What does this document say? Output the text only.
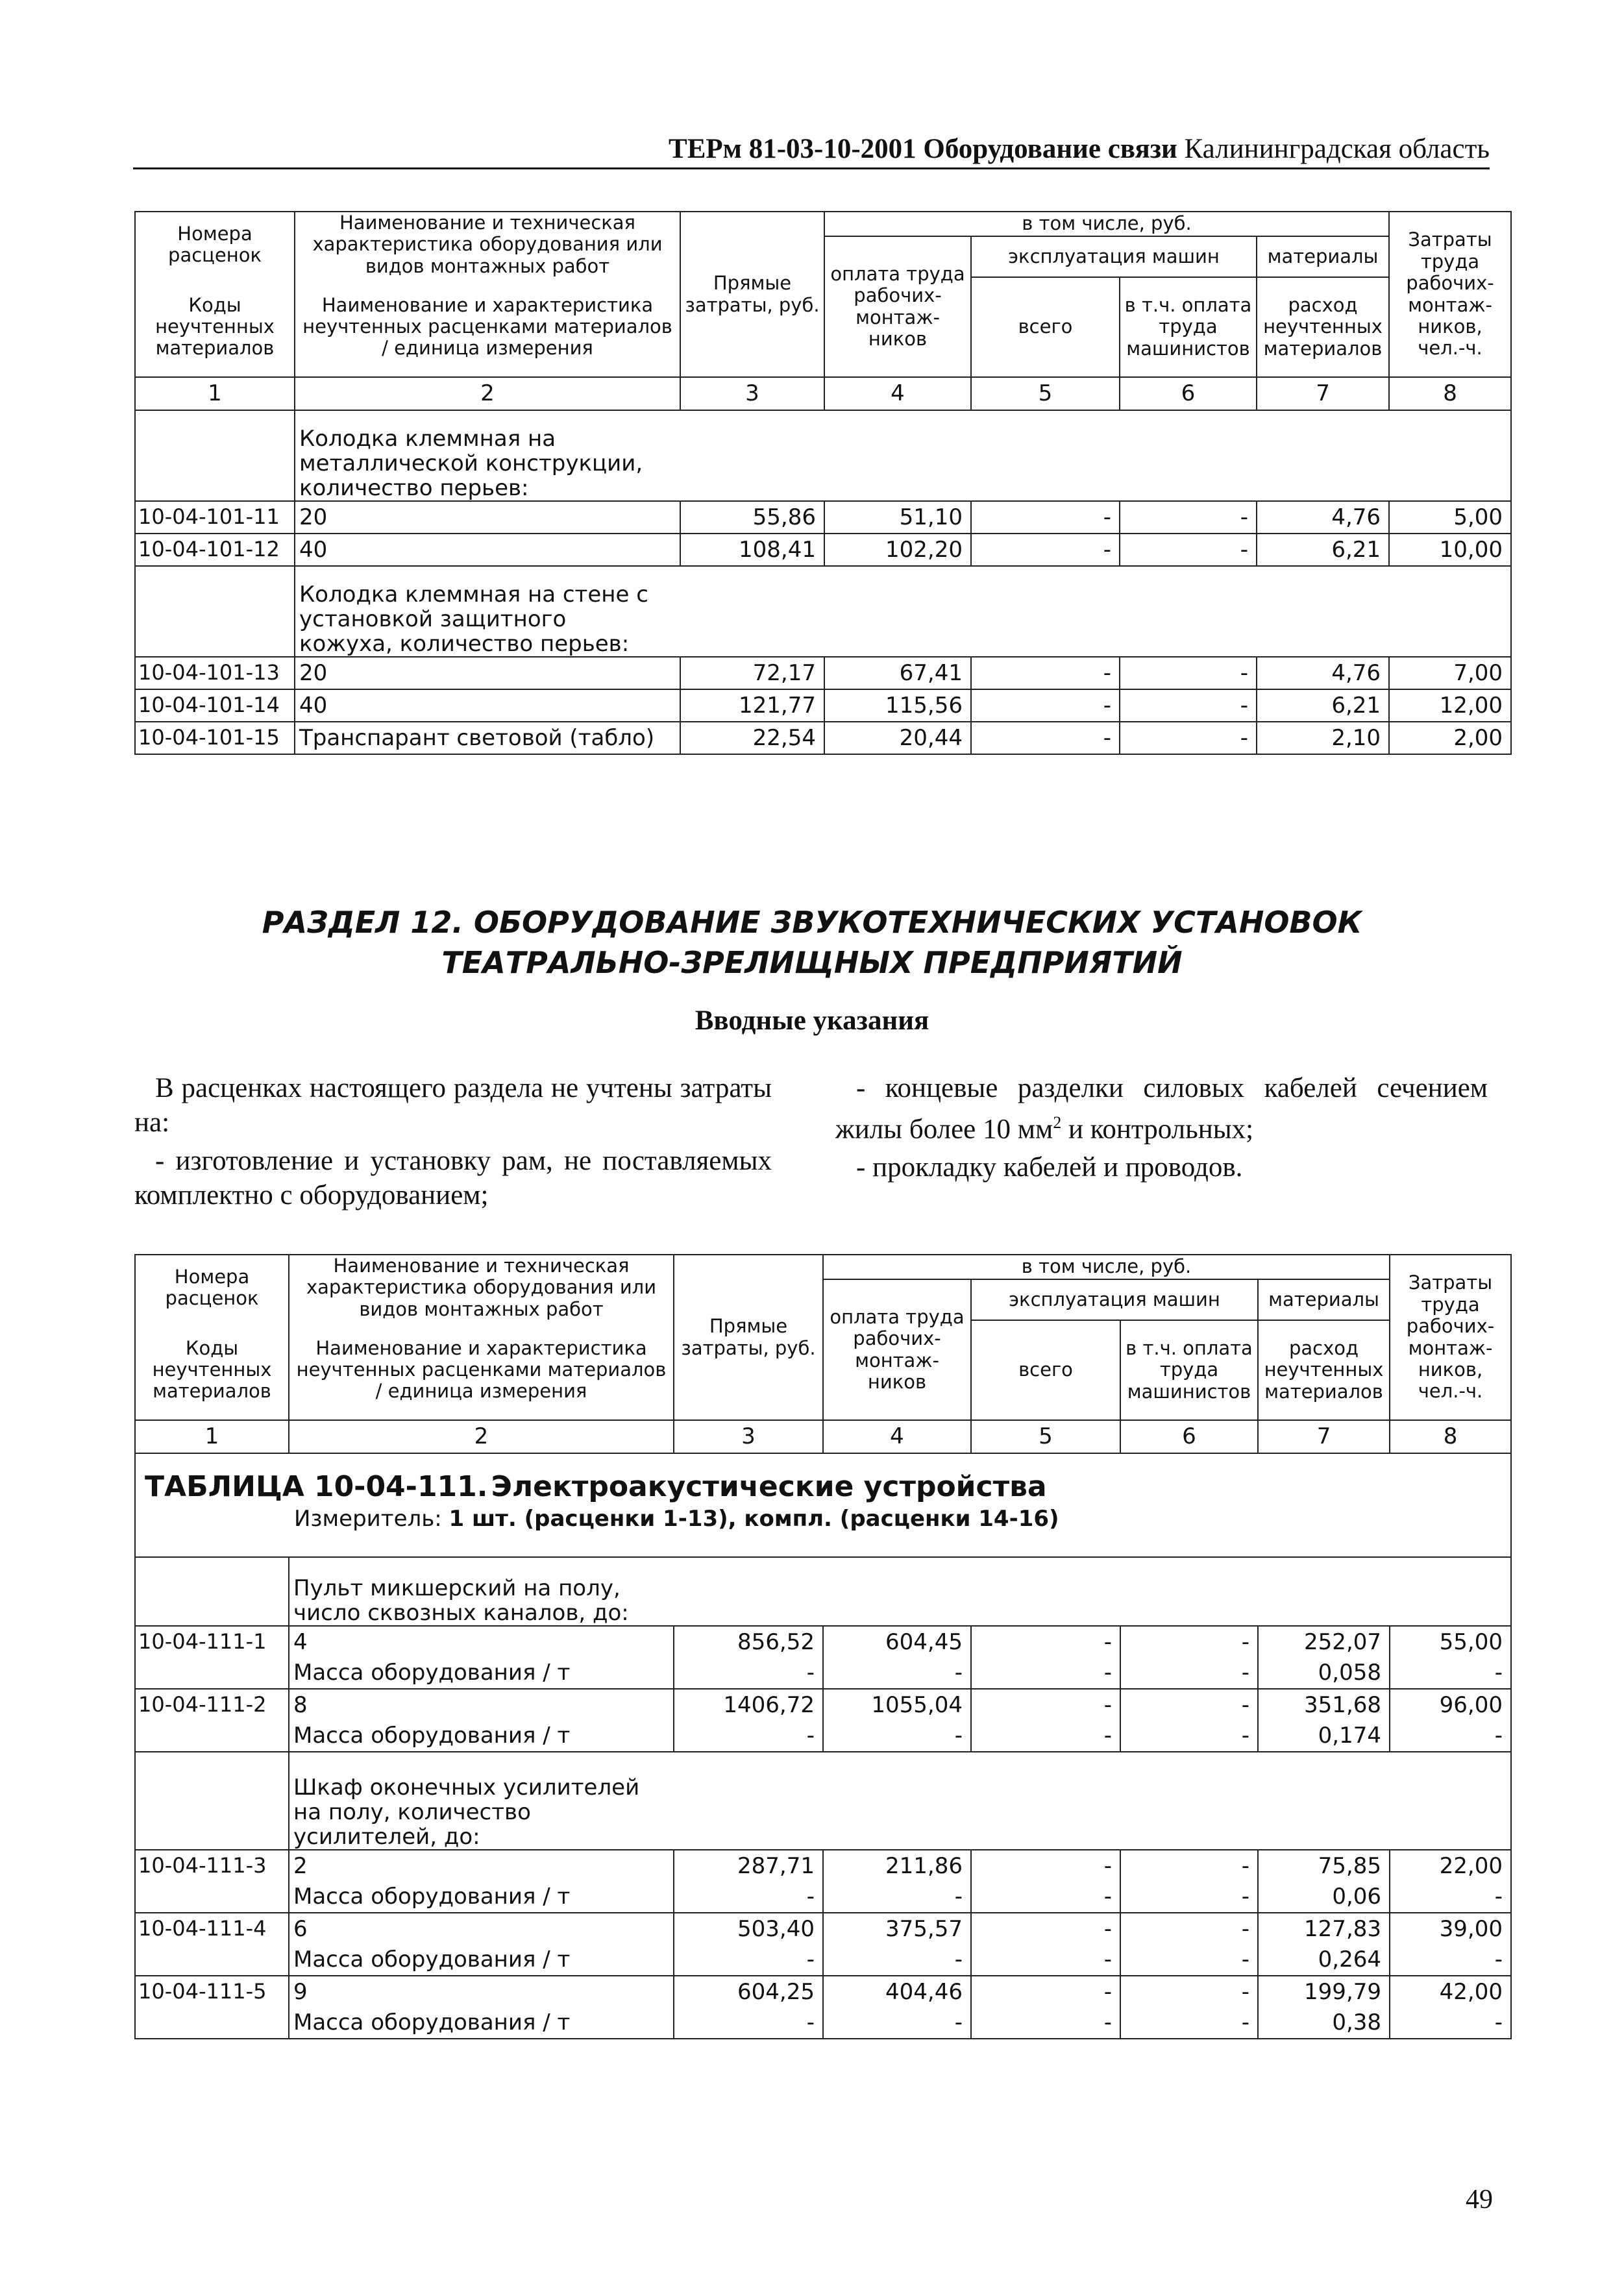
ТЕРм 81-03-10-2001 Оборудование связи Калининградская область
Номера расценок	Наименование и техническая характеристика оборудования или видов монтажных работ	Прямые затраты, руб.	в том числе, руб.				Затраты труда рабочих-монтаж-ников, чел.-ч.
			оплата труда рабочих-монтаж-ников	эксплуатация машин		материалы	
Коды неучтенных материалов	Наименование и характеристика неучтенных расценками материалов / единица измерения			всего	в т.ч. оплата труда машинистов	расход неучтенных материалов	

1	2	3	4	5	6	7	8

	Колодка клеммная на металлической конструкции, количество перьев:						

10-04-101-11	20	55,86	51,10	-	-	4,76	5,00
10-04-101-12	40	108,41	102,20	-	-	6,21	10,00

	Колодка клеммная на стене с установкой защитного кожуха, количество перьев:						

10-04-101-13	20	72,17	67,41	-	-	4,76	7,00
10-04-101-14	40	121,77	115,56	-	-	6,21	12,00
10-04-101-15	Транспарант световой (табло)	22,54	20,44	-	-	2,10	2,00
РАЗДЕЛ 12. ОБОРУДОВАНИЕ ЗВУКОТЕХНИЧЕСКИХ УСТАНОВОК
ТЕАТРАЛЬНО-ЗРЕЛИЩНЫХ ПРЕДПРИЯТИЙ
Вводные указания

В расценках настоящего раздела не учтены затраты на:

- изготовление и установку рам, не поставляемых комплектно с оборудованием;

- концевые разделки силовых кабелей сечением жилы более 10 $мм^2$ и контрольных;

- прокладку кабелей и проводов.

Номера расценок	Наименование и техническая характеристика оборудования или видов монтажных работ	Прямые затраты, руб.	в том числе, руб.				Затраты труда рабочих-монтаж-ников, чел.-ч.
			оплата труда рабочих-монтаж-ников	эксплуатация машин		материалы	
Коды неучтенных материалов	Наименование и характеристика неучтенных расценками материалов / единица измерения			всего	в т.ч. оплата труда машинистов	расход неучтенных материалов	

1	2	3	4	5	6	7	8

ТАБЛИЦА 10-04-111. Электроакустические устройства
Измеритель: 1 шт. (расценки 1-13), компл. (расценки 14-16)							

	Пульт микшерский на полу, число сквозных каналов, до:						

10-04-111-1	4	856,52	604,45	-	-	252,07	55,00
	Масса оборудования / т	-	-	-	-	0,058	-
10-04-111-2	8	1406,72	1055,04	-	-	351,68	96,00
	Масса оборудования / т	-	-	-	-	0,174	-

	Шкаф оконечных усилителей на полу, количество усилителей, до:						

10-04-111-3	2	287,71	211,86	-	-	75,85	22,00
	Масса оборудования / т	-	-	-	-	0,06	-
10-04-111-4	6	503,40	375,57	-	-	127,83	39,00
	Масса оборудования / т	-	-	-	-	0,264	-
10-04-111-5	9	604,25	404,46	-	-	199,79	42,00
	Масса оборудования / т	-	-	-	-	0,38	-
49
